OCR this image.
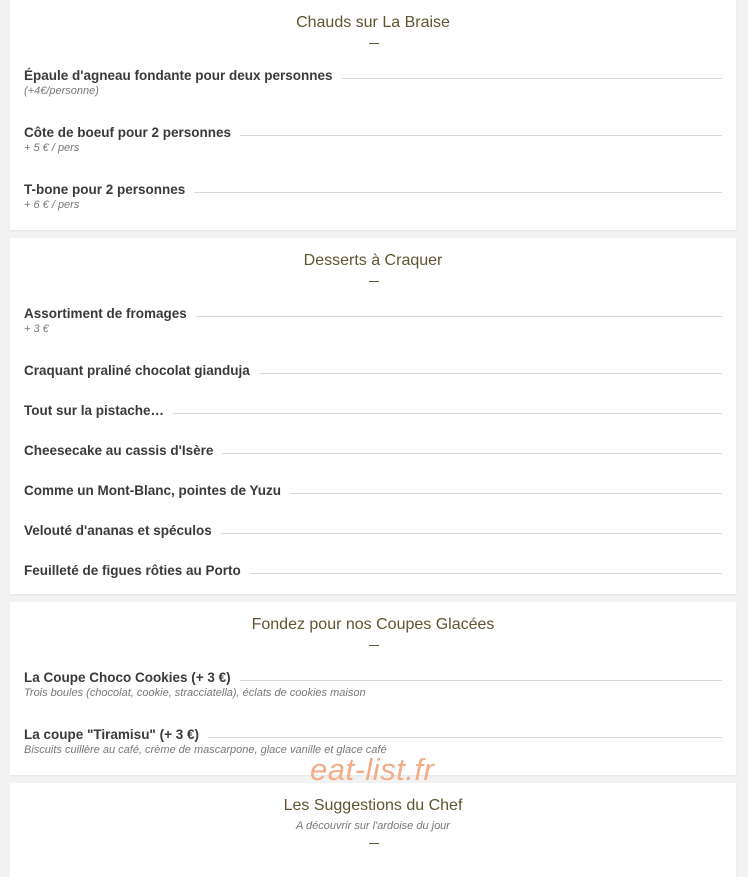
Chauds sur La Braise
Épaule d'agneau fondante pour deux personnes
(+4€/personne)
Côte de boeuf pour 2 personnes
+ 5 € / pers
T-bone pour 2 personnes
+ 6 € / pers
Desserts à Craquer
Assortiment de fromages
+ 3 €
Craquant praliné chocolat gianduja
Tout sur la pistache…
Cheesecake au cassis d'Isère
Comme un Mont-Blanc, pointes de Yuzu
Velouté d'ananas et spéculos
Feuilleté de figues rôties au Porto
Fondez pour nos Coupes Glacées
La Coupe Choco Cookies (+ 3 €)
Trois boules (chocolat, cookie, stracciatella), éclats de cookies maison
La coupe "Tiramisu" (+ 3 €)
Biscuits cuillère au café, crème de mascarpone, glace vanille et glace café
Les Suggestions du Chef
A découvrir sur l'ardoise du jour
eat-list.fr
